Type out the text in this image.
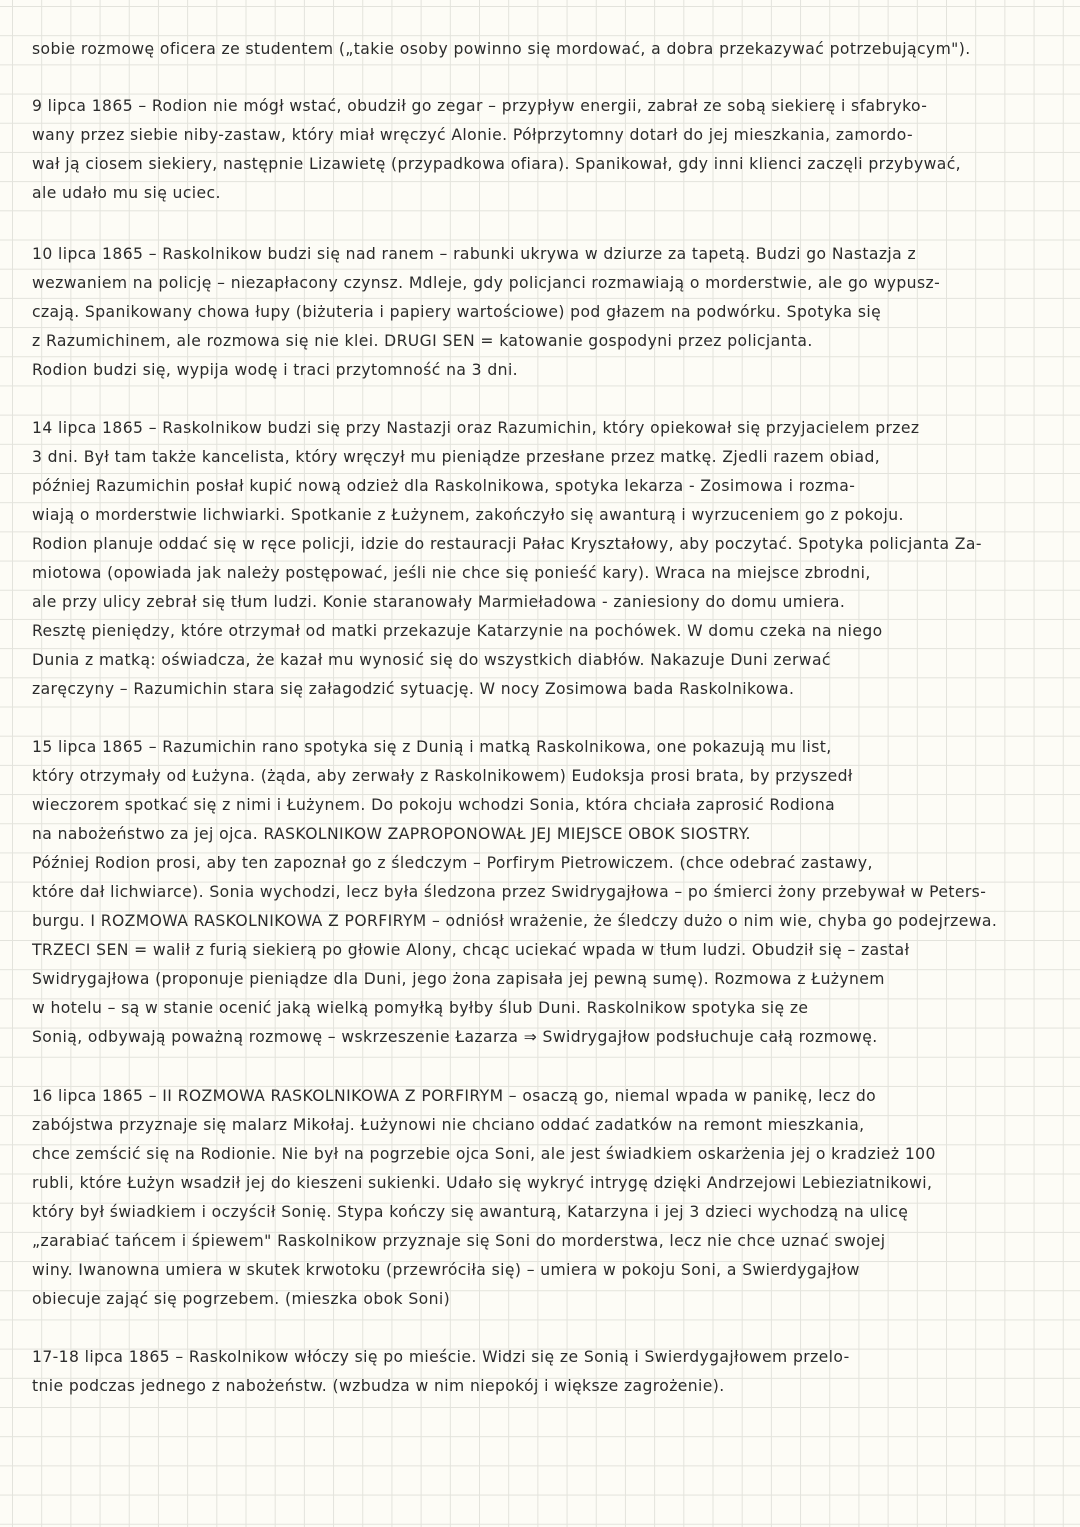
sobie rozmowę oficera ze studentem („takie osoby powinno się mordować, a dobra przekazywać potrzebującym").
9 lipca 1865 – Rodion nie mógł wstać, obudził go zegar – przypływ energii, zabrał ze sobą siekierę i sfabryko-
wany przez siebie niby-zastaw, który miał wręczyć Alonie. Półprzytomny dotarł do jej mieszkania, zamordo-
wał ją ciosem siekiery, następnie Lizawietę (przypadkowa ofiara). Spanikował, gdy inni klienci zaczęli przybywać,
ale udało mu się uciec.
10 lipca 1865 – Raskolnikow budzi się nad ranem – rabunki ukrywa w dziurze za tapetą. Budzi go Nastazja z
wezwaniem na policję – niezapłacony czynsz. Mdleje, gdy policjanci rozmawiają o morderstwie, ale go wypusz-
czają. Spanikowany chowa łupy (biżuteria i papiery wartościowe) pod głazem na podwórku. Spotyka się
z Razumichinem, ale rozmowa się nie klei. DRUGI SEN = katowanie gospodyni przez policjanta.
Rodion budzi się, wypija wodę i traci przytomność na 3 dni.
14 lipca 1865 – Raskolnikow budzi się przy Nastazji oraz Razumichin, który opiekował się przyjacielem przez
3 dni. Był tam także kancelista, który wręczył mu pieniądze przesłane przez matkę. Zjedli razem obiad,
później Razumichin posłał kupić nową odzież dla Raskolnikowa, spotyka lekarza - Zosimowa i rozma-
wiają o morderstwie lichwiarki. Spotkanie z Łużynem, zakończyło się awanturą i wyrzuceniem go z pokoju.
Rodion planuje oddać się w ręce policji, idzie do restauracji Pałac Kryształowy, aby poczytać. Spotyka policjanta Za-
miotowa (opowiada jak należy postępować, jeśli nie chce się ponieść kary). Wraca na miejsce zbrodni,
ale przy ulicy zebrał się tłum ludzi. Konie staranowały Marmieładowa - zaniesiony do domu umiera.
Resztę pieniędzy, które otrzymał od matki przekazuje Katarzynie na pochówek. W domu czeka na niego
Dunia z matką: oświadcza, że kazał mu wynosić się do wszystkich diabłów. Nakazuje Duni zerwać
zaręczyny – Razumichin stara się załagodzić sytuację. W nocy Zosimowa bada Raskolnikowa.
15 lipca 1865 – Razumichin rano spotyka się z Dunią i matką Raskolnikowa, one pokazują mu list,
który otrzymały od Łużyna. (żąda, aby zerwały z Raskolnikowem) Eudoksja prosi brata, by przyszedł
wieczorem spotkać się z nimi i Łużynem. Do pokoju wchodzi Sonia, która chciała zaprosić Rodiona
na nabożeństwo za jej ojca. RASKOLNIKOW ZAPROPONOWAŁ JEJ MIEJSCE OBOK SIOSTRY.
Później Rodion prosi, aby ten zapoznał go z śledczym – Porfirym Pietrowiczem. (chce odebrać zastawy,
które dał lichwiarce). Sonia wychodzi, lecz była śledzona przez Swidrygajłowa – po śmierci żony przebywał w Peters-
burgu. I ROZMOWA RASKOLNIKOWA Z PORFIRYM – odniósł wrażenie, że śledczy dużo o nim wie, chyba go podejrzewa.
TRZECI SEN = walił z furią siekierą po głowie Alony, chcąc uciekać wpada w tłum ludzi. Obudził się – zastał
Swidrygajłowa (proponuje pieniądze dla Duni, jego żona zapisała jej pewną sumę). Rozmowa z Łużynem
w hotelu – są w stanie ocenić jaką wielką pomyłką byłby ślub Duni. Raskolnikow spotyka się ze
Sonią, odbywają poważną rozmowę – wskrzeszenie Łazarza ⇒ Swidrygajłow podsłuchuje całą rozmowę.
16 lipca 1865 – II ROZMOWA RASKOLNIKOWA Z PORFIRYM – osaczą go, niemal wpada w panikę, lecz do
zabójstwa przyznaje się malarz Mikołaj. Łużynowi nie chciano oddać zadatków na remont mieszkania,
chce zemścić się na Rodionie. Nie był na pogrzebie ojca Soni, ale jest świadkiem oskarżenia jej o kradzież 100
rubli, które Łużyn wsadził jej do kieszeni sukienki. Udało się wykryć intrygę dzięki Andrzejowi Lebieziatnikowi,
który był świadkiem i oczyścił Sonię. Stypa kończy się awanturą, Katarzyna i jej 3 dzieci wychodzą na ulicę
„zarabiać tańcem i śpiewem" Raskolnikow przyznaje się Soni do morderstwa, lecz nie chce uznać swojej
winy. Iwanowna umiera w skutek krwotoku (przewróciła się) – umiera w pokoju Soni, a Swierdygajłow
obiecuje zająć się pogrzebem. (mieszka obok Soni)
17-18 lipca 1865 – Raskolnikow włóczy się po mieście. Widzi się ze Sonią i Swierdygajłowem przelo-
tnie podczas jednego z nabożeństw. (wzbudza w nim niepokój i większe zagrożenie).
